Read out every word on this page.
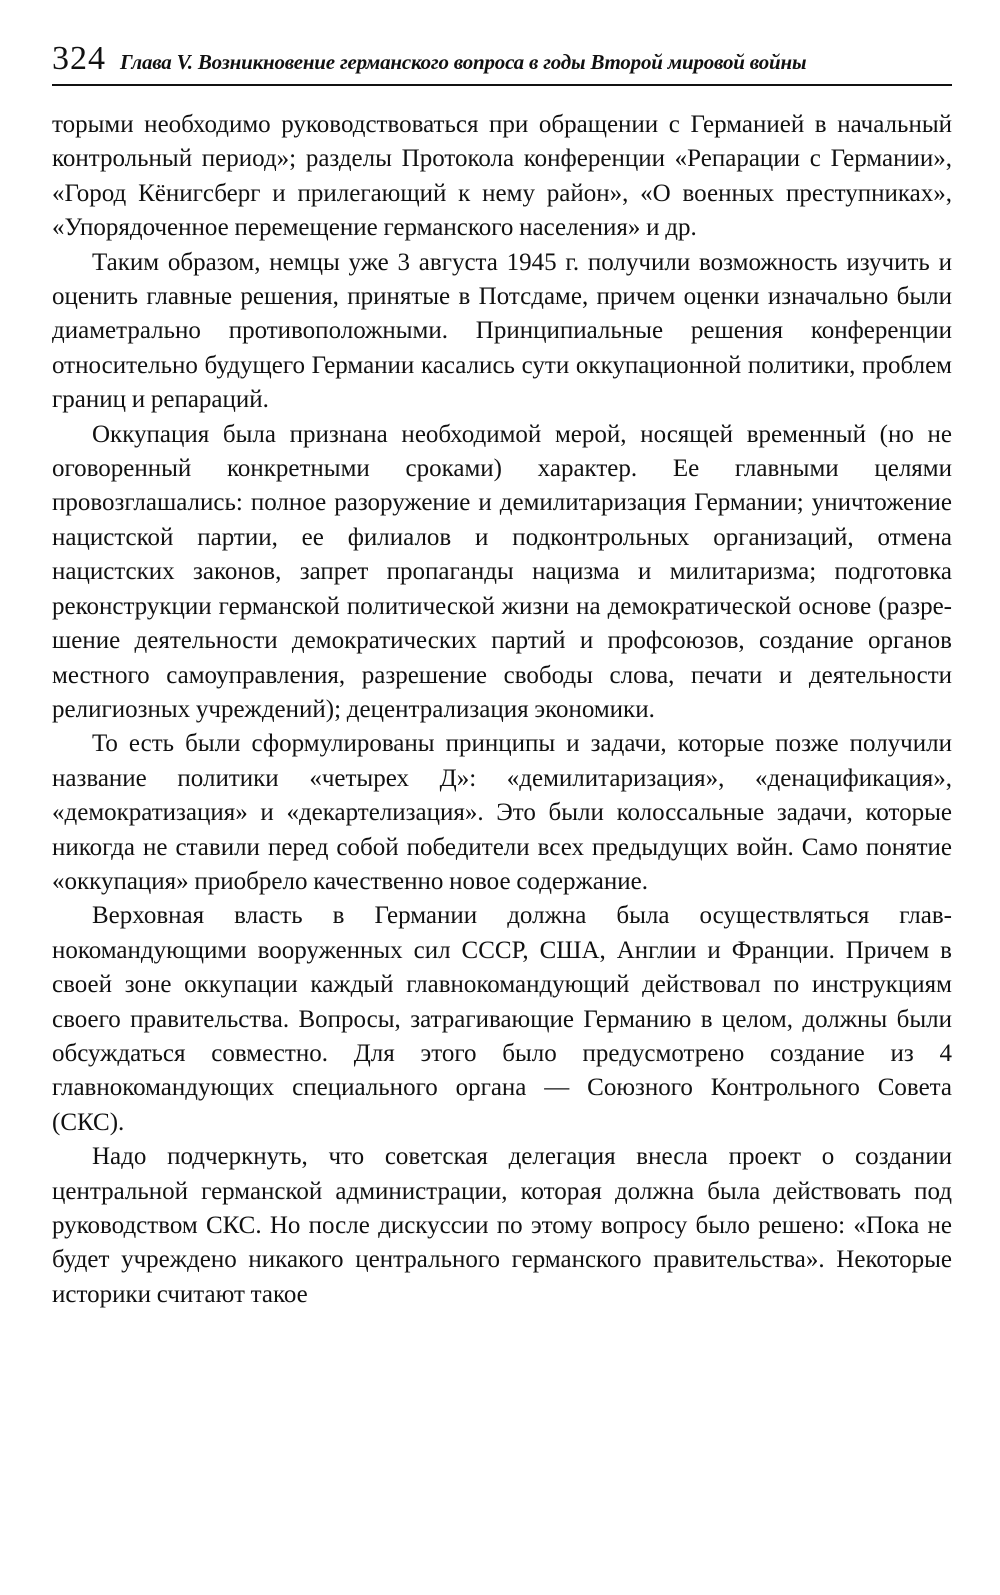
324 Глава V. Возникновение германского вопроса в годы Второй мировой войны

торыми необходимо руководствоваться при обращении с Германией в начальный контрольный период»; разделы Протокола конференции «Репарации с Германии», «Город Кёнигсберг и прилегающий к нему район», «О военных преступниках», «Упорядоченное перемещение германского населения» и др.

Таким образом, немцы уже 3 августа 1945 г. получили возможность изучить и оценить главные решения, принятые в Потсдаме, причем оценки изначально были диаметрально противоположными. Принципиальные решения конференции относительно будущего Германии касались сути оккупационной политики, проблем границ и репараций.

Оккупация была признана необходимой мерой, носящей временный (но не оговоренный конкретными сроками) характер. Ее главными целями провозглашались: полное разоружение и демилитаризация Германии; уничтожение нацистской партии, ее филиалов и подконтрольных организаций, отмена нацистских законов, запрет пропаганды нацизма и милитаризма; подготовка реконструкции германской политической жизни на демократической основе (разрешение деятельности демократических партий и профсоюзов, создание органов местного самоуправления, разрешение свободы слова, печати и деятельности религиозных учреждений); децентрализация экономики.

То есть были сформулированы принципы и задачи, которые позже получили название политики «четырех Д»: «демилитаризация», «денацификация», «демократизация» и «декартелизация». Это были колоссальные задачи, которые никогда не ставили перед собой победители всех предыдущих войн. Само понятие «оккупация» приобрело качественно новое содержание.

Верховная власть в Германии должна была осуществляться главнокомандующими вооруженных сил СССР, США, Англии и Франции. Причем в своей зоне оккупации каждый главнокомандующий действовал по инструкциям своего правительства. Вопросы, затрагивающие Германию в целом, должны были обсуждаться совместно. Для этого было предусмотрено создание из 4 главнокомандующих специального органа — Союзного Контрольного Совета (СКС).

Надо подчеркнуть, что советская делегация внесла проект о создании центральной германской администрации, которая должна была действовать под руководством СКС. Но после дискуссии по этому вопросу было решено: «Пока не будет учреждено никакого центрального германского правительства». Некоторые историки считают такое
